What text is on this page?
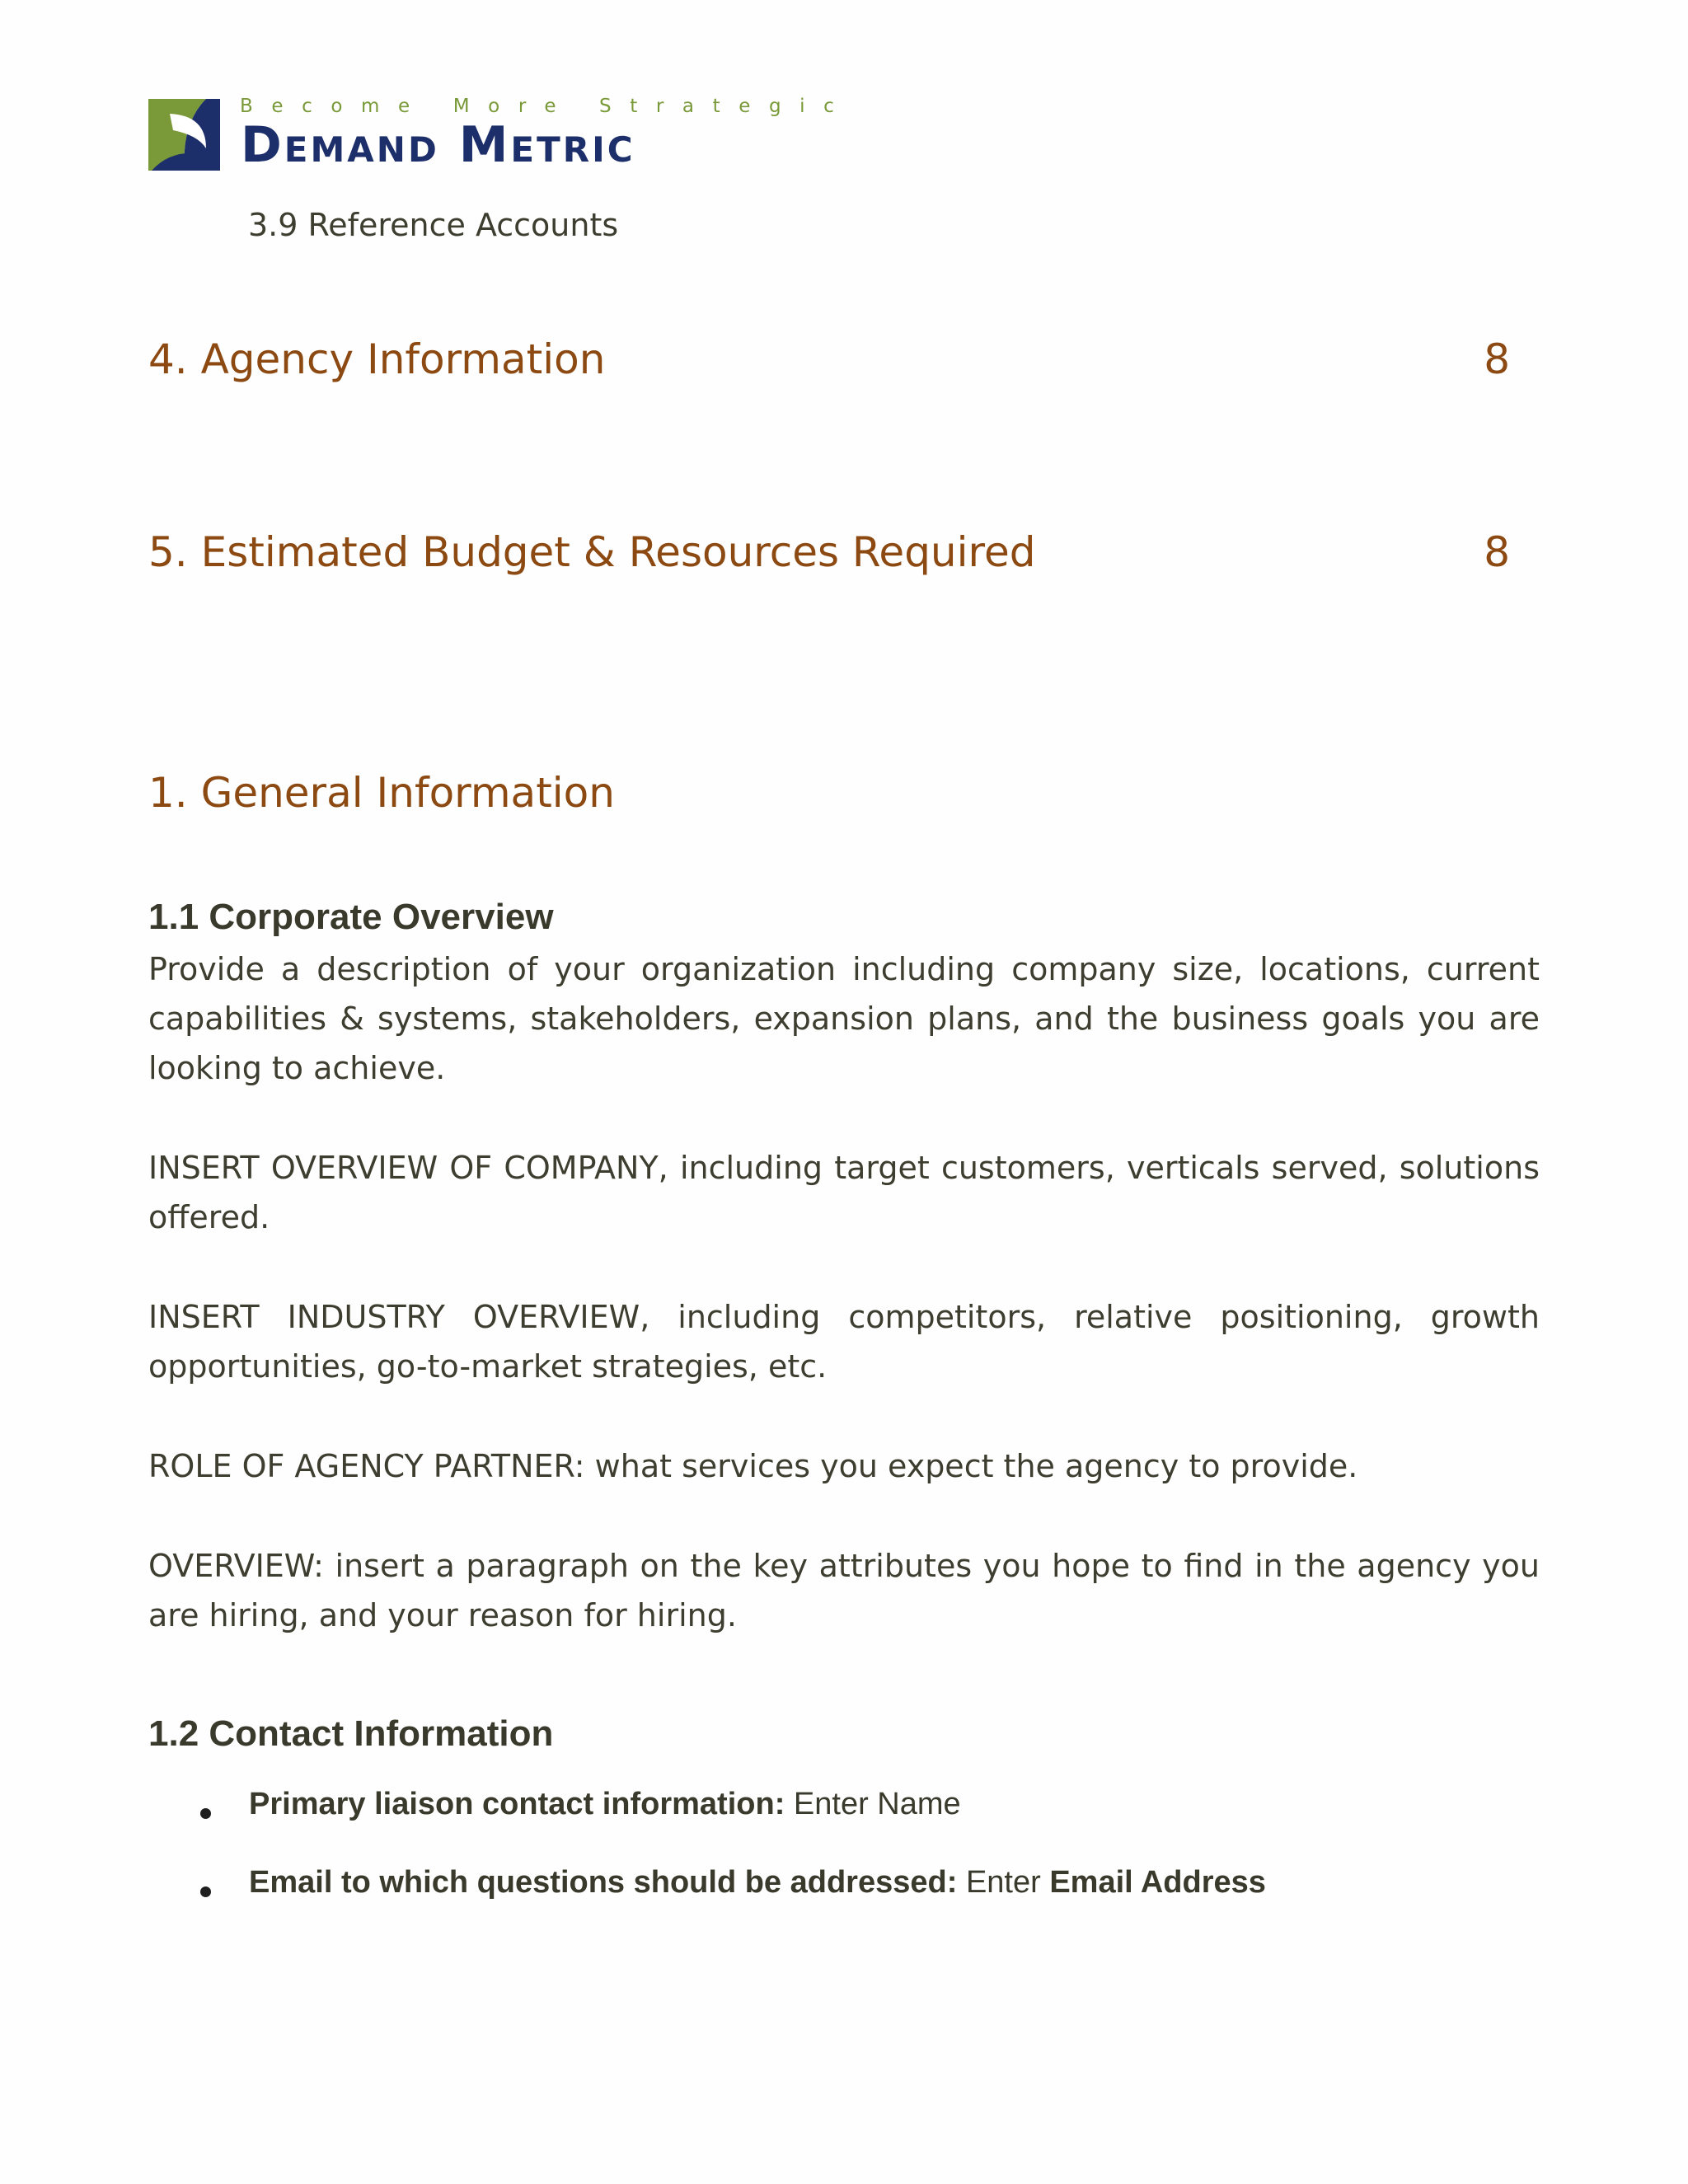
Become More Strategic
Demand Metric
3.9 Reference Accounts
4. Agency Information	8
5. Estimated Budget & Resources Required	8
1. General Information
1.1 Corporate Overview
Provide a description of your organization including company size, locations, current capabilities & systems, stakeholders, expansion plans, and the business goals you are looking to achieve.
INSERT OVERVIEW OF COMPANY, including target customers, verticals served, solutions offered.
INSERT INDUSTRY OVERVIEW, including competitors, relative positioning, growth opportunities, go-to-market strategies, etc.
ROLE OF AGENCY PARTNER: what services you expect the agency to provide.
OVERVIEW: insert a paragraph on the key attributes you hope to find in the agency you are hiring, and your reason for hiring.
1.2 Contact Information
Primary liaison contact information: Enter Name
Email to which questions should be addressed: Enter Email Address
